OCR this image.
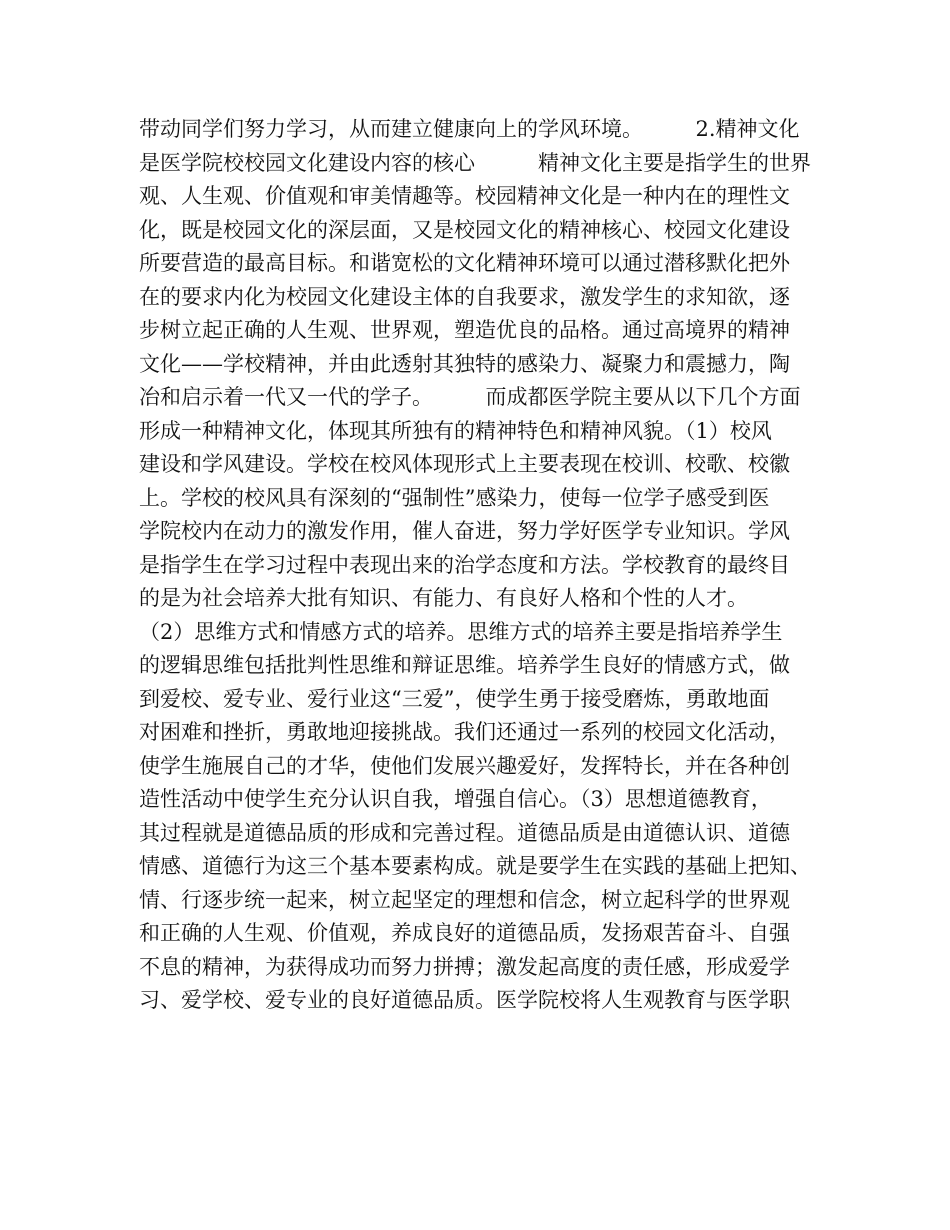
带动同学们努力学习，从而建立健康向上的学风环境。　　　2.精神文化
是医学院校校园文化建设内容的核心　　　精神文化主要是指学生的世界
观、人生观、价值观和审美情趣等。校园精神文化是一种内在的理性文
化，既是校园文化的深层面，又是校园文化的精神核心、校园文化建设
所要营造的最高目标。和谐宽松的文化精神环境可以通过潜移默化把外
在的要求内化为校园文化建设主体的自我要求，激发学生的求知欲，逐
步树立起正确的人生观、世界观，塑造优良的品格。通过高境界的精神
文化——学校精神，并由此透射其独特的感染力、凝聚力和震撼力，陶
冶和启示着一代又一代的学子。　　　而成都医学院主要从以下几个方面
形成一种精神文化，体现其所独有的精神特色和精神风貌。（1）校风
建设和学风建设。学校在校风体现形式上主要表现在校训、校歌、校徽
上。学校的校风具有深刻的“强制性”感染力，使每一位学子感受到医
学院校内在动力的激发作用，催人奋进，努力学好医学专业知识。学风
是指学生在学习过程中表现出来的治学态度和方法。学校教育的最终目
的是为社会培养大批有知识、有能力、有良好人格和个性的人才。
（2）思维方式和情感方式的培养。思维方式的培养主要是指培养学生
的逻辑思维包括批判性思维和辩证思维。培养学生良好的情感方式，做
到爱校、爱专业、爱行业这“三爱”，使学生勇于接受磨炼，勇敢地面
对困难和挫折，勇敢地迎接挑战。我们还通过一系列的校园文化活动，
使学生施展自己的才华，使他们发展兴趣爱好，发挥特长，并在各种创
造性活动中使学生充分认识自我，增强自信心。（3）思想道德教育，
其过程就是道德品质的形成和完善过程。道德品质是由道德认识、道德
情感、道德行为这三个基本要素构成。就是要学生在实践的基础上把知、
情、行逐步统一起来，树立起坚定的理想和信念，树立起科学的世界观
和正确的人生观、价值观，养成良好的道德品质，发扬艰苦奋斗、自强
不息的精神，为获得成功而努力拼搏；激发起高度的责任感，形成爱学
习、爱学校、爱专业的良好道德品质。医学院校将人生观教育与医学职
